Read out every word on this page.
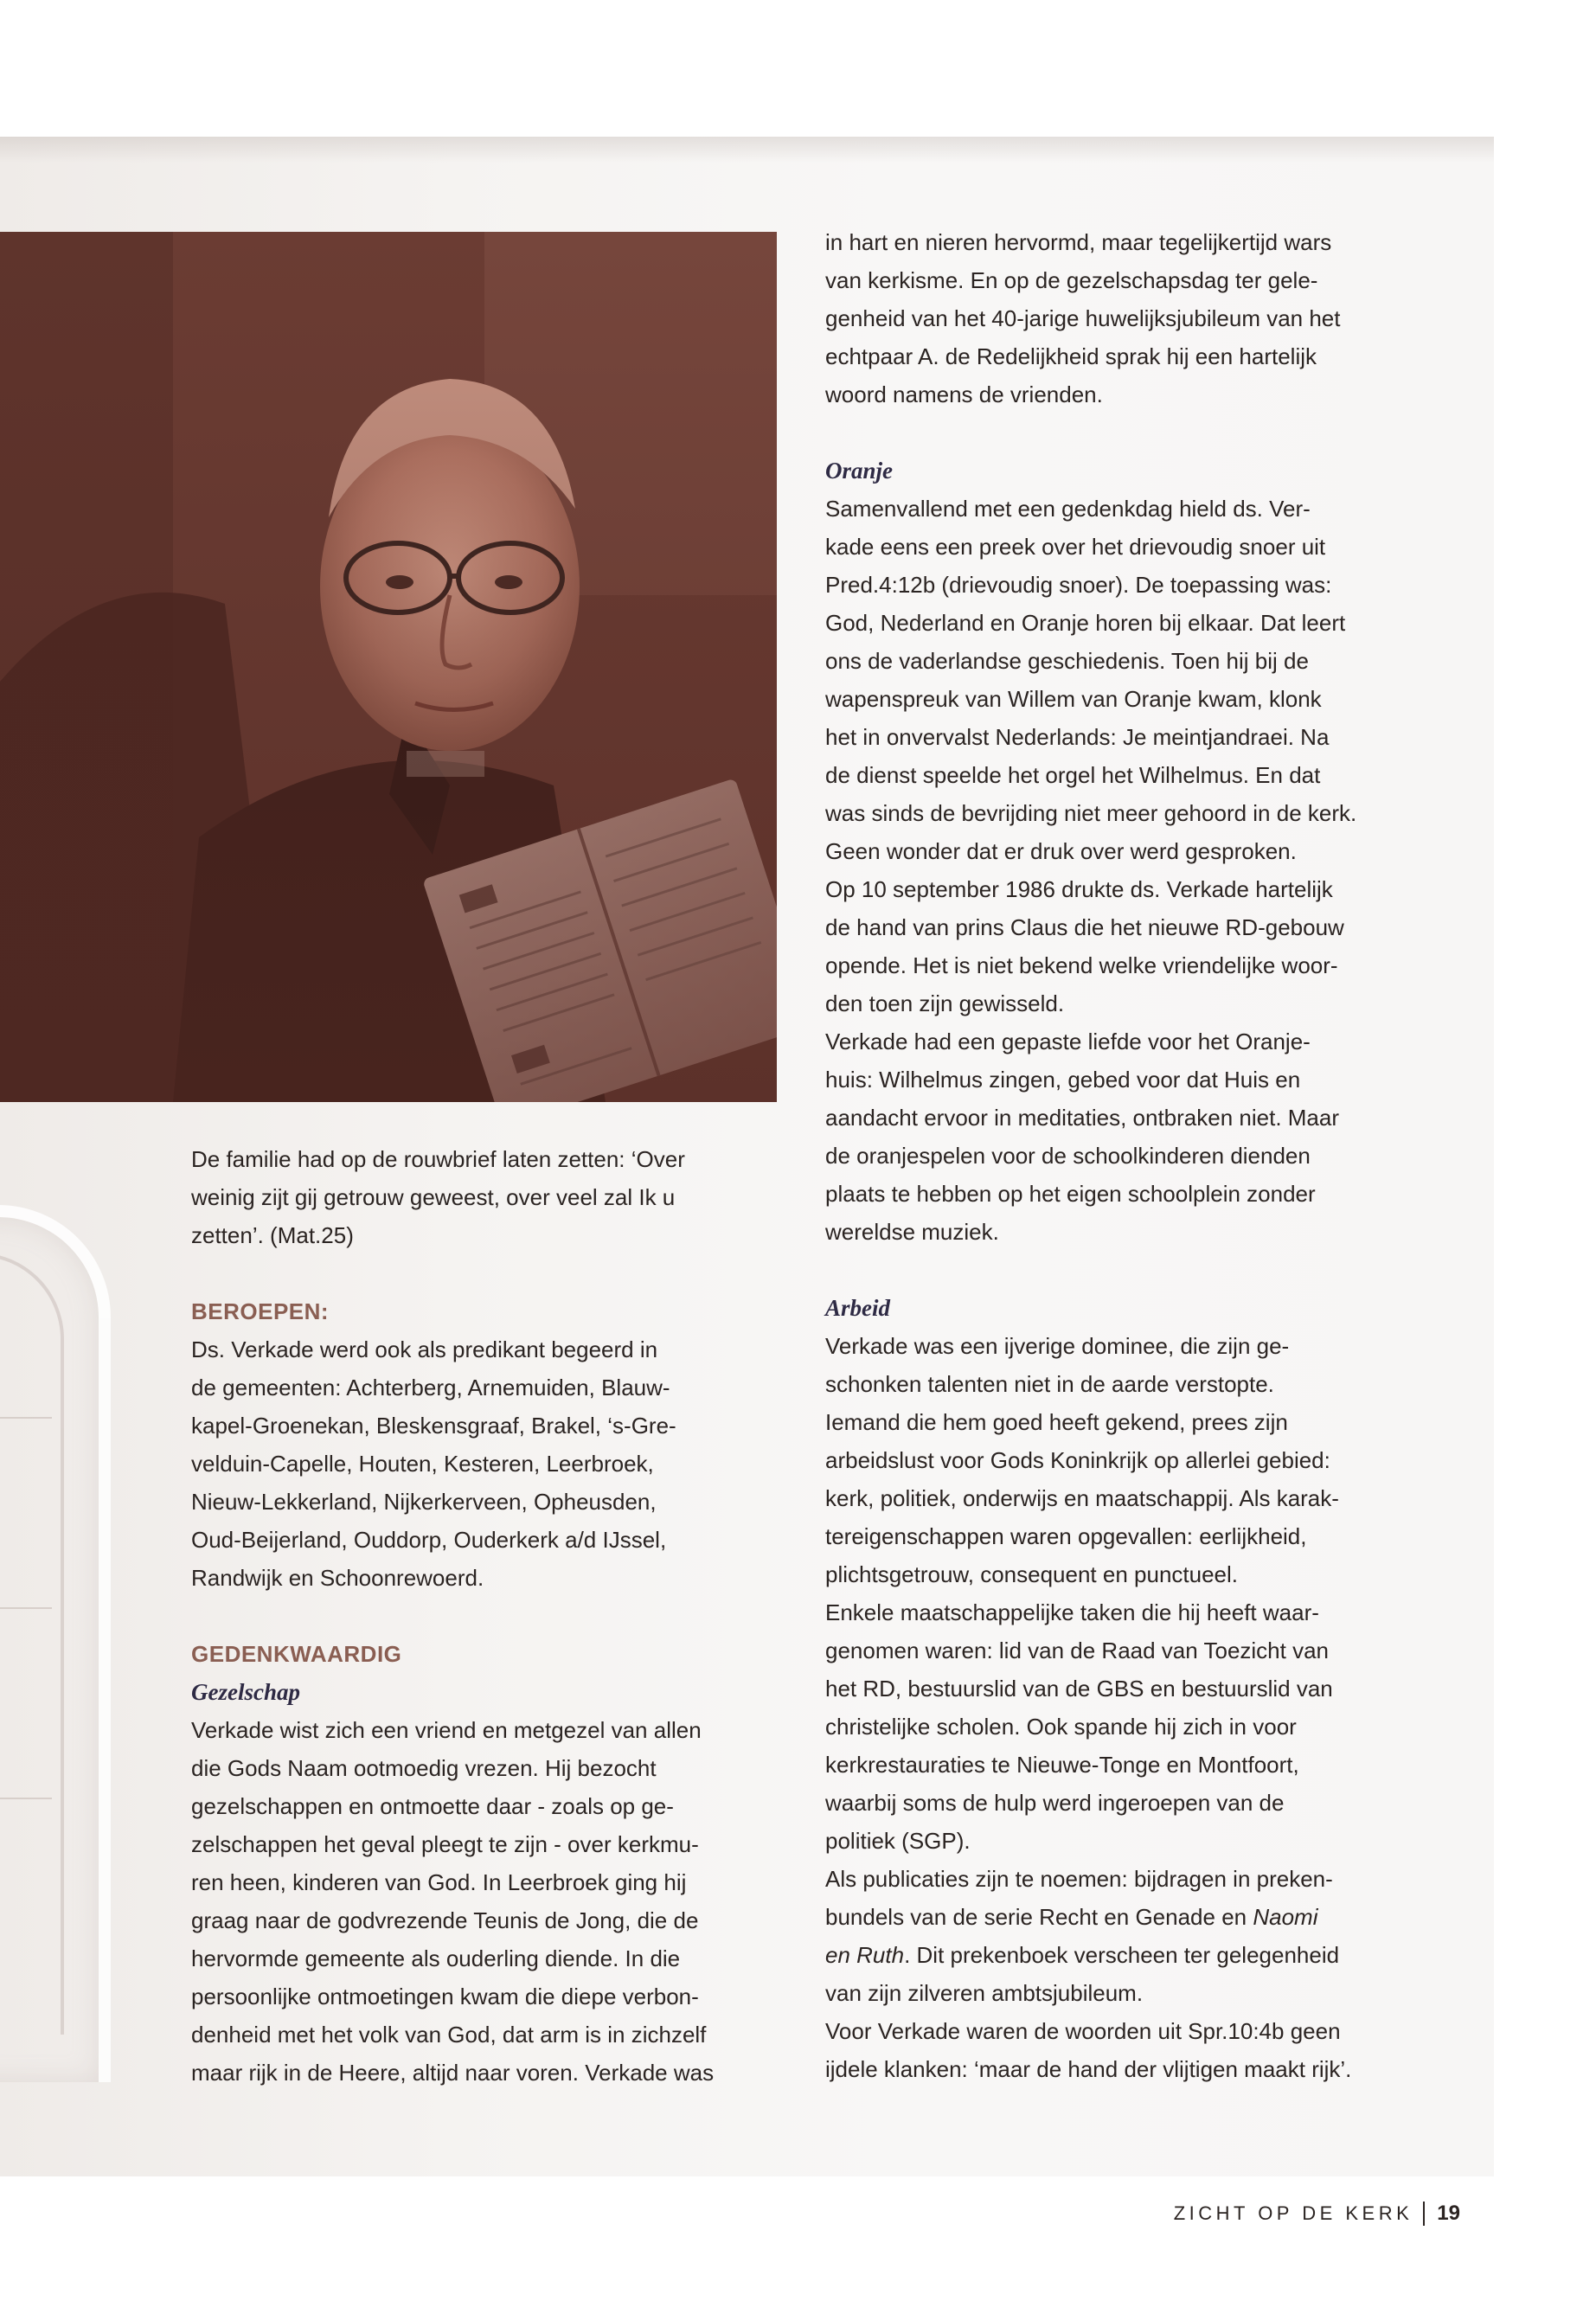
De familie had op de rouwbrief laten zetten: ‘Over
weinig zijt gij getrouw geweest, over veel zal Ik u
zetten’. (Mat.25)

BEROEPEN:

Ds. Verkade werd ook als predikant begeerd in
de gemeenten: Achterberg, Arnemuiden, Blauw-
kapel-Groenekan, Bleskensgraaf, Brakel, ‘s-Gre-
velduin-Capelle, Houten, Kesteren, Leerbroek,
Nieuw-Lekkerland, Nijkerkerveen, Opheusden,
Oud-Beijerland, Ouddorp, Ouderkerk a/d IJssel,
Randwijk en Schoonrewoerd.

GEDENKWAARDIG
Gezelschap

Verkade wist zich een vriend en metgezel van allen
die Gods Naam ootmoedig vrezen. Hij bezocht
gezelschappen en ontmoette daar - zoals op ge-
zelschappen het geval pleegt te zijn - over kerkmu-
ren heen, kinderen van God. In Leerbroek ging hij
graag naar de godvrezende Teunis de Jong, die de
hervormde gemeente als ouderling diende. In die
persoonlijke ontmoetingen kwam die diepe verbon-
denheid met het volk van God, dat arm is in zichzelf
maar rijk in de Heere, altijd naar voren. Verkade was

in hart en nieren hervormd, maar tegelijkertijd wars
van kerkisme. En op de gezelschapsdag ter gele-
genheid van het 40-jarige huwelijksjubileum van het
echtpaar A. de Redelijkheid sprak hij een hartelijk
woord namens de vrienden.

Oranje

Samenvallend met een gedenkdag hield ds. Ver-
kade eens een preek over het drievoudig snoer uit
Pred.4:12b (drievoudig snoer). De toepassing was:
God, Nederland en Oranje horen bij elkaar. Dat leert
ons de vaderlandse geschiedenis. Toen hij bij de
wapenspreuk van Willem van Oranje kwam, klonk
het in onvervalst Nederlands: Je meintjandraei. Na
de dienst speelde het orgel het Wilhelmus. En dat
was sinds de bevrijding niet meer gehoord in de kerk.
Geen wonder dat er druk over werd gesproken.
Op 10 september 1986 drukte ds. Verkade hartelijk
de hand van prins Claus die het nieuwe RD-gebouw
opende. Het is niet bekend welke vriendelijke woor-
den toen zijn gewisseld.
Verkade had een gepaste liefde voor het Oranje-
huis: Wilhelmus zingen, gebed voor dat Huis en
aandacht ervoor in meditaties, ontbraken niet. Maar
de oranjespelen voor de schoolkinderen dienden
plaats te hebben op het eigen schoolplein zonder
wereldse muziek.

Arbeid

Verkade was een ijverige dominee, die zijn ge-
schonken talenten niet in de aarde verstopte.
Iemand die hem goed heeft gekend, prees zijn
arbeidslust voor Gods Koninkrijk op allerlei gebied:
kerk, politiek, onderwijs en maatschappij. Als karak-
tereigenschappen waren opgevallen: eerlijkheid,
plichtsgetrouw, consequent en punctueel.
Enkele maatschappelijke taken die hij heeft waar-
genomen waren: lid van de Raad van Toezicht van
het RD, bestuurslid van de GBS en bestuurslid van
christelijke scholen. Ook spande hij zich in voor
kerkrestauraties te Nieuwe-Tonge en Montfoort,
waarbij soms de hulp werd ingeroepen van de
politiek (SGP).
Als publicaties zijn te noemen: bijdragen in preken-
bundels van de serie Recht en Genade en Naomi
en Ruth. Dit prekenboek verscheen ter gelegenheid
van zijn zilveren ambtsjubileum.
Voor Verkade waren de woorden uit Spr.10:4b geen
ijdele klanken: ‘maar de hand der vlijtigen maakt rijk’.

ZICHT OP DE KERK 19
